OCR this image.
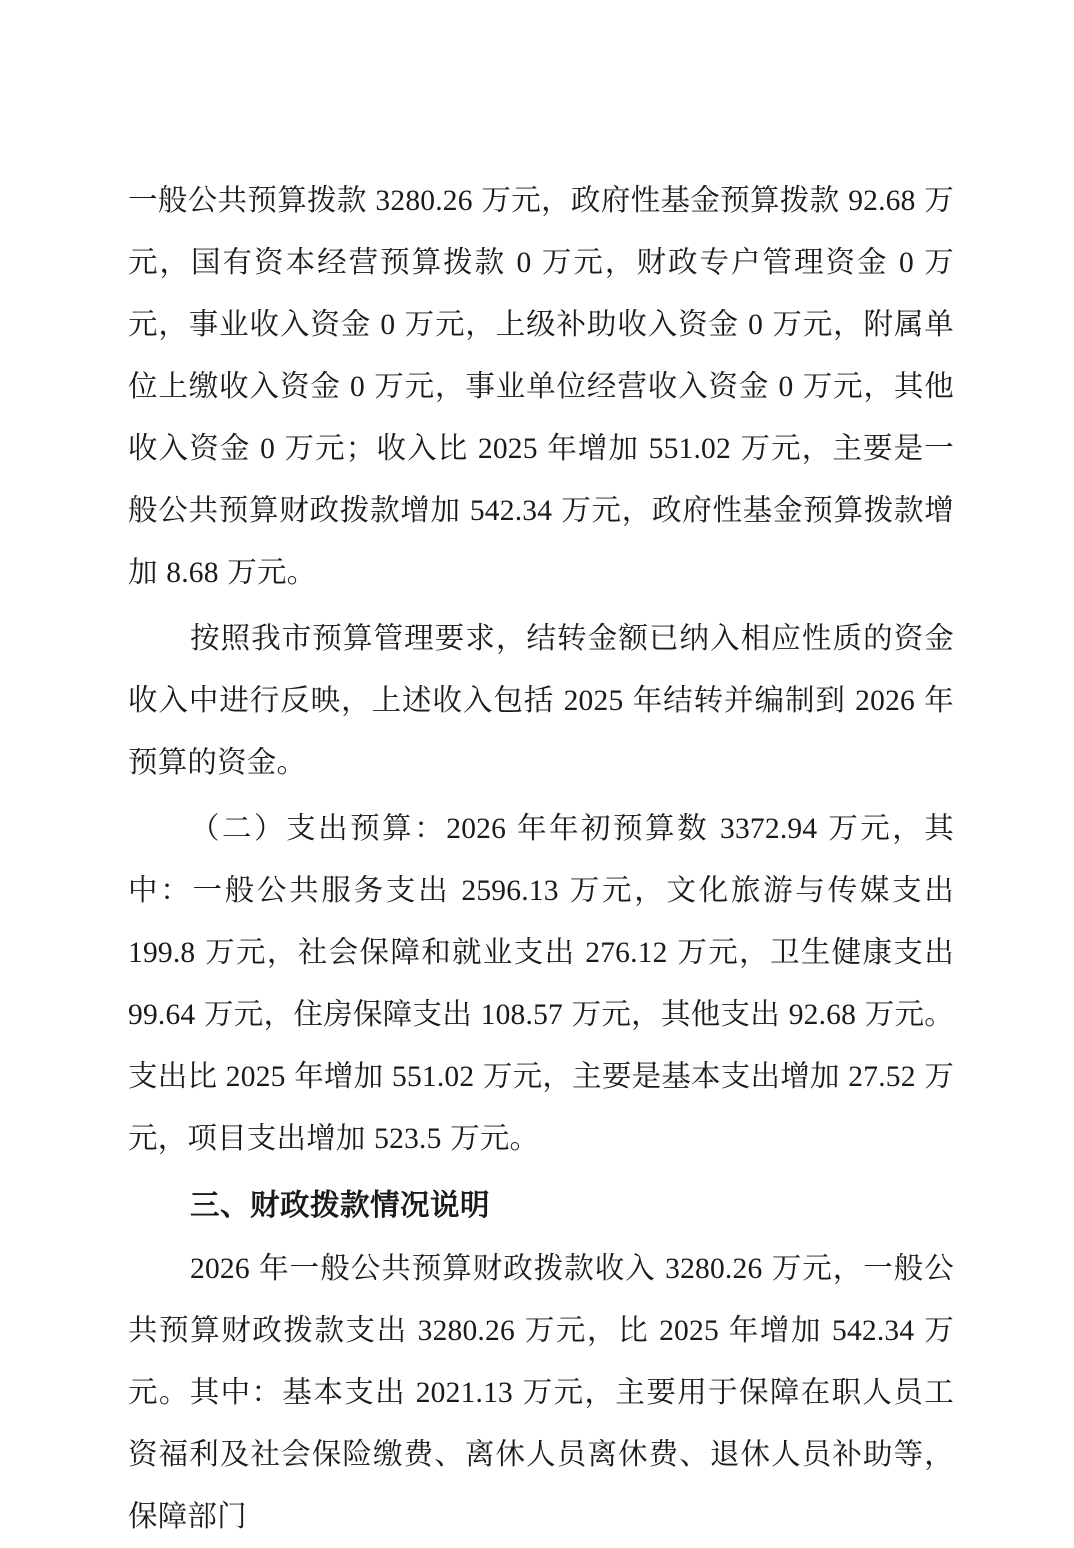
一般公共预算拨款 3280.26 万元，政府性基金预算拨款 92.68 万元，国有资本经营预算拨款 0 万元，财政专户管理资金 0 万元，事业收入资金 0 万元，上级补助收入资金 0 万元，附属单位上缴收入资金 0 万元，事业单位经营收入资金 0 万元，其他收入资金 0 万元；收入比 2025 年增加 551.02 万元，主要是一般公共预算财政拨款增加 542.34 万元，政府性基金预算拨款增加 8.68 万元。

按照我市预算管理要求，结转金额已纳入相应性质的资金收入中进行反映，上述收入包括 2025 年结转并编制到 2026 年预算的资金。

（二）支出预算：2026 年年初预算数 3372.94 万元，其中：一般公共服务支出 2596.13 万元，文化旅游与传媒支出 199.8 万元，社会保障和就业支出 276.12 万元，卫生健康支出 99.64 万元，住房保障支出 108.57 万元，其他支出 92.68 万元。支出比 2025 年增加 551.02 万元，主要是基本支出增加 27.52 万元，项目支出增加 523.5 万元。

三、财政拨款情况说明

2026 年一般公共预算财政拨款收入 3280.26 万元，一般公共预算财政拨款支出 3280.26 万元，比 2025 年增加 542.34 万元。其中：基本支出 2021.13 万元，主要用于保障在职人员工资福利及社会保险缴费、离休人员离休费、退休人员补助等，保障部门
